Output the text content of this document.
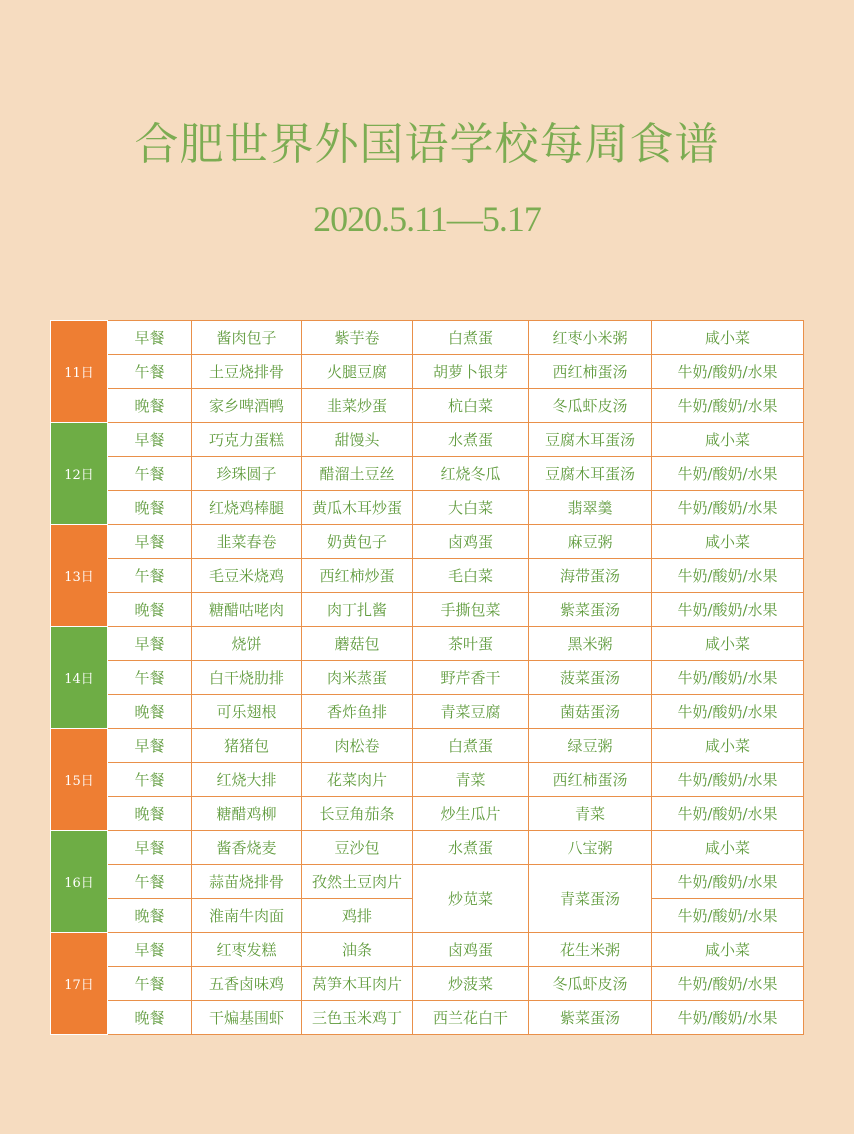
合肥世界外国语学校每周食谱
2020.5.11—5.17
11日	早餐	酱肉包子	紫芋卷	白煮蛋	红枣小米粥	咸小菜
	午餐	土豆烧排骨	火腿豆腐	胡萝卜银芽	西红柿蛋汤	牛奶/酸奶/水果
	晚餐	家乡啤酒鸭	韭菜炒蛋	杭白菜	冬瓜虾皮汤	牛奶/酸奶/水果
12日	早餐	巧克力蛋糕	甜馒头	水煮蛋	豆腐木耳蛋汤	咸小菜
	午餐	珍珠圆子	醋溜土豆丝	红烧冬瓜	豆腐木耳蛋汤	牛奶/酸奶/水果
	晚餐	红烧鸡棒腿	黄瓜木耳炒蛋	大白菜	翡翠羹	牛奶/酸奶/水果
13日	早餐	韭菜春卷	奶黄包子	卤鸡蛋	麻豆粥	咸小菜
	午餐	毛豆米烧鸡	西红柿炒蛋	毛白菜	海带蛋汤	牛奶/酸奶/水果
	晚餐	糖醋咕咾肉	肉丁扎酱	手撕包菜	紫菜蛋汤	牛奶/酸奶/水果
14日	早餐	烧饼	蘑菇包	茶叶蛋	黑米粥	咸小菜
	午餐	白干烧肋排	肉米蒸蛋	野芹香干	菠菜蛋汤	牛奶/酸奶/水果
	晚餐	可乐翅根	香炸鱼排	青菜豆腐	菌菇蛋汤	牛奶/酸奶/水果
15日	早餐	猪猪包	肉松卷	白煮蛋	绿豆粥	咸小菜
	午餐	红烧大排	花菜肉片	青菜	西红柿蛋汤	牛奶/酸奶/水果
	晚餐	糖醋鸡柳	长豆角茄条	炒生瓜片	青菜	牛奶/酸奶/水果
16日	早餐	酱香烧麦	豆沙包	水煮蛋	八宝粥	咸小菜
	午餐	蒜苗烧排骨	孜然土豆肉片	炒苋菜	青菜蛋汤	牛奶/酸奶/水果
	晚餐	淮南牛肉面	鸡排			牛奶/酸奶/水果
17日	早餐	红枣发糕	油条	卤鸡蛋	花生米粥	咸小菜
	午餐	五香卤味鸡	莴笋木耳肉片	炒菠菜	冬瓜虾皮汤	牛奶/酸奶/水果
	晚餐	干煸基围虾	三色玉米鸡丁	西兰花白干	紫菜蛋汤	牛奶/酸奶/水果
